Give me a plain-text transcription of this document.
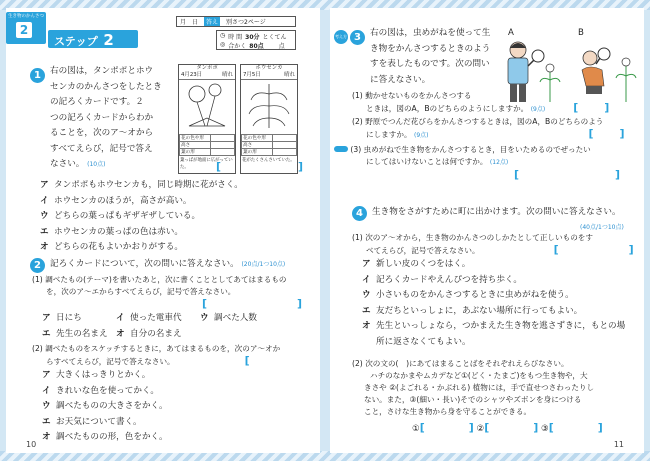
生き物のかんさつ
2
ステップ 2
月 日	答え	別さつ2ページ
◷ 時 間 30分 とくてん
◎ 合かく 80点	点
1	右の図は，タンポポとホウ
センカのかんさつをしたとき
の記ろくカードです。２
つの記ろくカードからわか
ることを，次のア～オから
すべてえらび，記号で答え
なさい。 (10点)
タンポポ
4月23日	晴れ
花の色や形	
高さ	
葉の形	
葉っぱが地面に広がっていた。
ホウセンカ
7月5日	晴れ
花の色や形	
高さ	
葉の形	
花がたくさんさいていた。 ]
[
ア タンポポもホウセンカも，同じ時期に花がさく。
イ ホウセンカのほうが，高さが高い。
ウ どちらの葉っぱもギザギザしている。
エ ホウセンカの葉っぱの色は赤い。
オ どちらの花もよいかおりがする。
2	記ろくカードについて，次の問いに答えなさい。 (20点/1つ10点)
(1) 調べたもの(テーマ)を書いたあと，次に書くこととしてあてはまるもの
を，次のア～エからすべてえらび，記号で答えなさい。
[	]
ア 日にち	イ 使った電車代 ウ 調べた人数
エ 先生の名まえ オ 自分の名まえ
(2) 調べたものをスケッチするときに，あてはまるものを，次のア～オか
らすべてえらび，記号で答えなさい。	[
ア 大きくはっきりとかく。
イ きれいな色を使ってかく。
ウ 調べたものの大きさをかく。
エ お天気について書く。
オ 調べたものの形，色をかく。
10
考え方 3	右の図は，虫めがねを使って生
き物をかんさつするときのよう
すを表したものです。次の問い
に答えなさい。
A	B
(1) 動かせないものをかんさつする
ときは，図のA，Bのどちらのようにしますか。 (9点)	[ ]
(2) 野原でつんだ花びらをかんさつするときは，図のA，Bのどちらのよう
にしますか。 (9点)	[ ]
(3) 虫めがねで生き物をかんさつするとき，目をいためるのでぜったい
にしてはいけないことは何ですか。 (12点)
[	]
4	生き物をさがすために町に出かけます。次の問いに答えなさい。
(40点/1つ10点)
(1) 次のア～オから，生き物のかんさつのしかたとして正しいものをす
べてえらび，記号で答えなさい。	[	]
ア 新しい皮のくつをはく。
イ 記ろくカードやえんぴつを持ち歩く。
ウ 小さいものをかんさつするときに虫めがねを使う。
エ 友だちといっしょに，あぶない場所に行ってもよい。
オ 先生といっしょなら，つかまえた生き物を逃さずきに，もとの場
所に返さなくてもよい。
(2) 次の文の(　)にあてはまることばをそれぞれえらびなさい。
ハチのなかまやムカデなど①(どく・たまご)をもつ生き物や，大
きさや ②(よごれる・かぶれる) 植物には，手で直せつさわったりし
ない。また，③(細い・長い)そでのシャツやズボンを身につける
こと，さけな生き物から身を守ることができる。
①[	] ②[	] ③[	]
11
